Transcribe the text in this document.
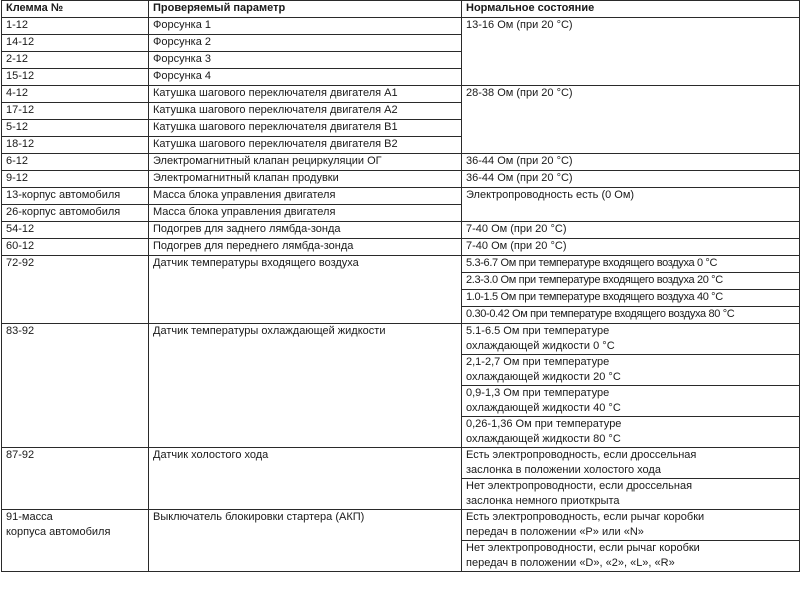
Клемма №	Проверяемый параметр	Нормальное состояние
1-12	Форсунка 1	13-16 Ом (при 20 °C)
14-12	Форсунка 2	
2-12	Форсунка 3	
15-12	Форсунка 4	
4-12	Катушка шагового переключателя двигателя A1	28-38 Ом (при 20 °C)
17-12	Катушка шагового переключателя двигателя A2	
5-12	Катушка шагового переключателя двигателя B1	
18-12	Катушка шагового переключателя двигателя B2	
6-12	Электромагнитный клапан рециркуляции ОГ	36-44 Ом (при 20 °C)
9-12	Электромагнитный клапан продувки	36-44 Ом (при 20 °C)
13-корпус автомобиля	Масса блока управления двигателя	Электропроводность есть (0 Ом)
26-корпус автомобиля	Масса блока управления двигателя	
54-12	Подогрев для заднего лямбда-зонда	7-40 Ом (при 20 °C)
60-12	Подогрев для переднего лямбда-зонда	7-40 Ом (при 20 °C)
72-92	Датчик температуры входящего воздуха	5.3-6.7 Ом при температуре входящего воздуха 0 °C
		2.3-3.0 Ом при температуре входящего воздуха 20 °C
		1.0-1.5 Ом при температуре входящего воздуха 40 °C
		0.30-0.42 Ом при температуре входящего воздуха 80 °C
83-92	Датчик температуры охлаждающей жидкости	5.1-6.5 Ом при температуре
охлаждающей жидкости 0 °C
		2,1-2,7 Ом при температуре
охлаждающей жидкости 20 °C
		0,9-1,3 Ом при температуре
охлаждающей жидкости 40 °C
		0,26-1,36 Ом при температуре
охлаждающей жидкости 80 °C
87-92	Датчик холостого хода	Есть электропроводность, если дроссельная
заслонка в положении холостого хода
		Нет электропроводности, если дроссельная
заслонка немного приоткрыта
91-масса
корпуса автомобиля	Выключатель блокировки стартера (АКП)	Есть электропроводность, если рычаг коробки
передач в положении «P» или «N»
		Нет электропроводности, если рычаг коробки
передач в положении «D», «2», «L», «R»
